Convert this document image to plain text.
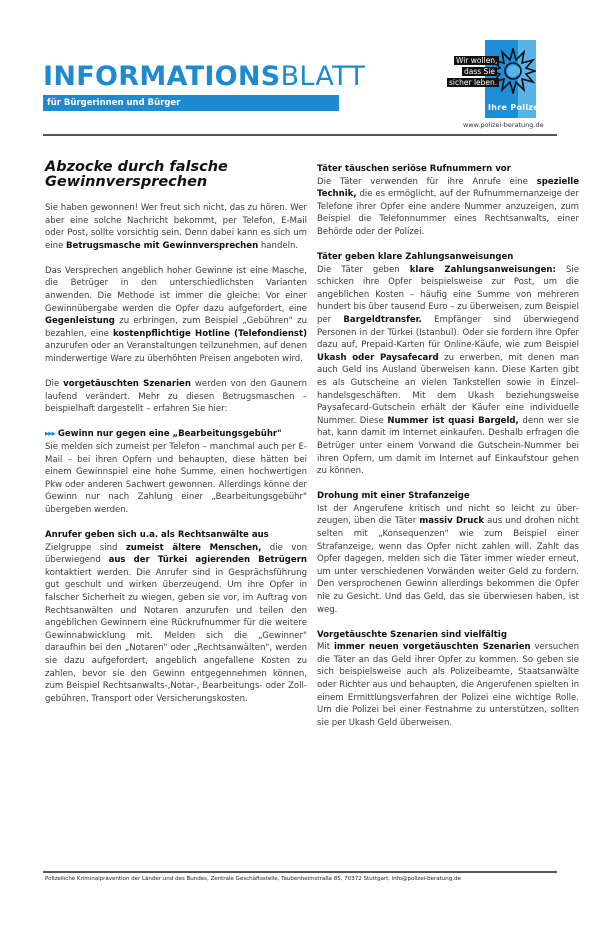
INFORMATIONSBLATT
für Bürgerinnen und Bürger
Wir wollen,
dass Sie
sicher leben.
Ihre Polizei
www.polizei-beratung.de
Abzocke durch falsche Gewinnversprechen

Sie haben gewonnen! Wer freut sich nicht, das zu hören. Wer aber eine solche Nachricht bekommt, per Telefon, E-Mail oder Post, sollte vorsichtig sein. Denn dabei kann es sich um eine Betrugsmasche mit Gewinnversprechen handeln.

Das Versprechen angeblich hoher Gewinne ist eine Masche, die Betrüger in den unterschiedlichsten Varianten anwenden. Die Methode ist immer die gleiche: Vor einer Gewinnübergabe werden die Opfer dazu aufgefordert, eine Gegenleistung zu erbringen, zum Beispiel „Gebühren" zu bezahlen, eine kostenpflichtige Hotline (Telefondienst) anzurufen oder an Veranstaltungen teilzunehmen, auf denen minderwertige Ware zu überhöhten Preisen angeboten wird.

Die vorgetäuschten Szenarien werden von den Gaunern laufend verändert. Mehr zu diesen Betrugsmaschen – beispielhaft dargestellt – erfahren Sie hier:

▸▸▸ Gewinn nur gegen eine „Bearbeitungsgebühr"
Sie melden sich zumeist per Telefon – manchmal auch per E-Mail – bei ihren Opfern und behaupten, diese hätten bei einem Gewinnspiel eine hohe Summe, einen hochwertigen Pkw oder anderen Sachwert gewonnen. Allerdings könne der Gewinn nur nach Zahlung einer „Bearbeitungsgebühr" übergeben werden.

Anrufer geben sich u.a. als Rechtsanwälte aus
Zielgruppe sind zumeist ältere Menschen, die von überwiegend aus der Türkei agierenden Betrügern kontaktiert werden. Die Anrufer sind in Gesprächsführung gut geschult und wirken überzeugend. Um ihre Opfer in falscher Sicherheit zu wiegen, geben sie vor, im Auftrag von Rechtsanwälten und Notaren anzurufen und teilen den angeblichen Gewinnern eine Rückrufnummer für die weitere Gewinnabwicklung mit. Melden sich die „Gewinner" daraufhin bei den „Notaren" oder „Rechtsanwälten", werden sie dazu aufgefordert, angeblich angefallene Kosten zu zahlen, bevor sie den Gewinn entgegennehmen können, zum Beispiel Rechtsanwalts-,Notar-, Bearbeitungs- oder Zollgebühren, Transport oder Versicherungskosten.

Täter täuschen seriöse Rufnummern vor
Die Täter verwenden für ihre Anrufe eine spezielle Technik, die es ermöglicht, auf der Rufnummernanzeige der Telefone ihrer Opfer eine andere Nummer anzuzeigen, zum Beispiel die Telefonnummer eines Rechtsanwalts, einer Behörde oder der Polizei.

Täter geben klare Zahlungsanweisungen
Die Täter geben klare Zahlungsanweisungen: Sie schicken ihre Opfer beispielsweise zur Post, um die angeblichen Kosten – häufig eine Summe von mehreren hundert bis über tausend Euro – zu überweisen, zum Beispiel per Bargeldtransfer. Empfänger sind überwiegend Personen in der Türkei (Istanbul). Oder sie fordern ihre Opfer dazu auf, Prepaid-Karten für Online-Käufe, wie zum Beispiel Ukash oder Paysafecard zu erwerben, mit denen man auch Geld ins Ausland überweisen kann. Diese Karten gibt es als Gutscheine an vielen Tankstellen sowie in Einzelhandelsgeschäften. Mit dem Ukash beziehungsweise Paysafecard-Gutschein erhält der Käufer eine individuelle Nummer. Diese Nummer ist quasi Bargeld, denn wer sie hat, kann damit im Internet einkaufen. Deshalb erfragen die Betrüger unter einem Vorwand die Gutschein-Nummer bei ihren Opfern, um damit im Internet auf Einkaufstour gehen zu können.

Drohung mit einer Strafanzeige
Ist der Angerufene kritisch und nicht so leicht zu überzeugen, üben die Täter massiv Druck aus und drohen nicht selten mit „Konsequenzen" wie zum Beispiel einer Strafanzeige, wenn das Opfer nicht zahlen will. Zahlt das Opfer dagegen, melden sich die Täter immer wieder erneut, um unter verschiedenen Vorwänden weiter Geld zu fordern. Den versprochenen Gewinn allerdings bekommen die Opfer nie zu Gesicht. Und das Geld, das sie überwiesen haben, ist weg.

Vorgetäuschte Szenarien sind vielfältig
Mit immer neuen vorgetäuschten Szenarien versuchen die Täter an das Geld ihrer Opfer zu kommen. So geben sie sich beispielsweise auch als Polizeibeamte, Staatsanwälte oder Richter aus und behaupten, die Angerufenen spielten in einem Ermittlungsverfahren der Polizei eine wichtige Rolle. Um die Polizei bei einer Festnahme zu unterstützen, sollten sie per Ukash Geld überweisen.

Polizeiliche Kriminalprävention der Länder und des Bundes, Zentrale Geschäftsstelle, Taubenheimstraße 85, 70372 Stuttgart, info@polizei-beratung.de
